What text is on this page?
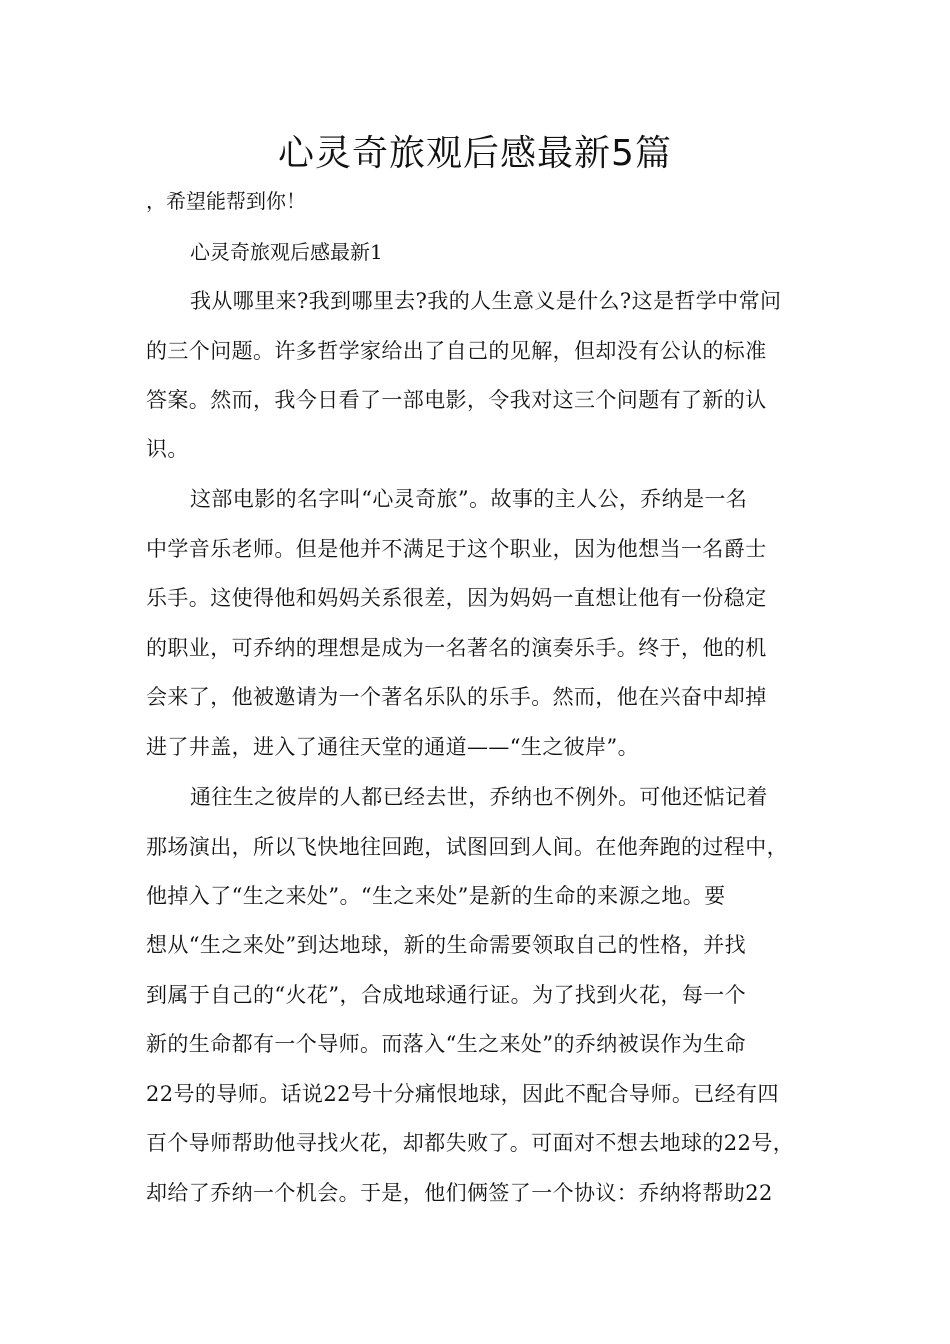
心灵奇旅观后感最新5篇
，希望能帮到你！
心灵奇旅观后感最新1
我从哪里来?我到哪里去?我的人生意义是什么?这是哲学中常问
的三个问题。许多哲学家给出了自己的见解，但却没有公认的标准
答案。然而，我今日看了一部电影，令我对这三个问题有了新的认
识。
这部电影的名字叫“心灵奇旅”。故事的主人公，乔纳是一名
中学音乐老师。但是他并不满足于这个职业，因为他想当一名爵士
乐手。这使得他和妈妈关系很差，因为妈妈一直想让他有一份稳定
的职业，可乔纳的理想是成为一名著名的演奏乐手。终于，他的机
会来了，他被邀请为一个著名乐队的乐手。然而，他在兴奋中却掉
进了井盖，进入了通往天堂的通道——“生之彼岸”。
通往生之彼岸的人都已经去世，乔纳也不例外。可他还惦记着
那场演出，所以飞快地往回跑，试图回到人间。在他奔跑的过程中，
他掉入了“生之来处”。“生之来处”是新的生命的来源之地。要
想从“生之来处”到达地球，新的生命需要领取自己的性格，并找
到属于自己的“火花”，合成地球通行证。为了找到火花，每一个
新的生命都有一个导师。而落入“生之来处”的乔纳被误作为生命
22号的导师。话说22号十分痛恨地球，因此不配合导师。已经有四
百个导师帮助他寻找火花，却都失败了。可面对不想去地球的22号，
却给了乔纳一个机会。于是，他们俩签了一个协议：乔纳将帮助22
